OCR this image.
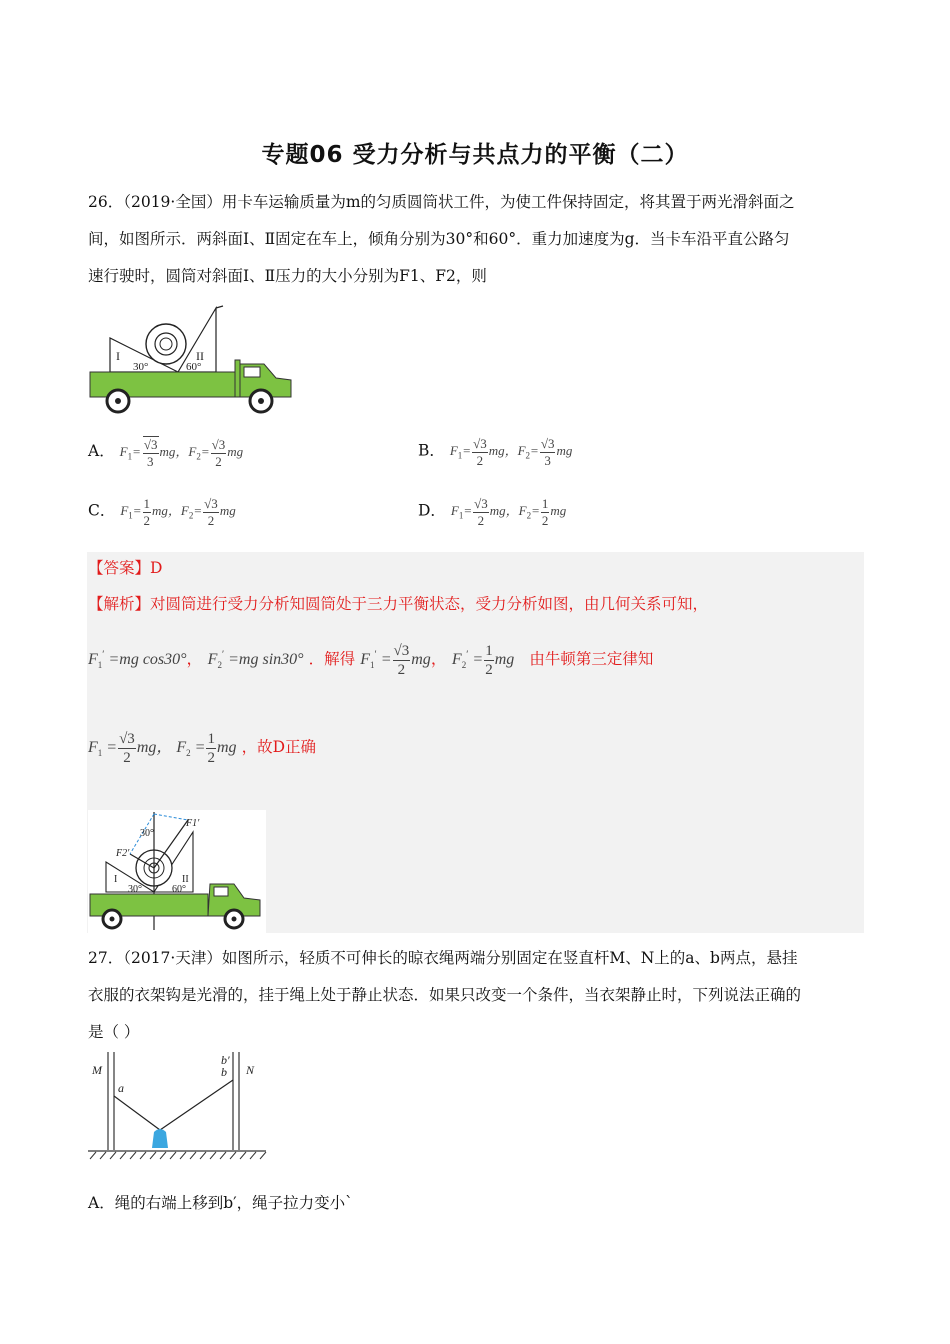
专题06 受力分析与共点力的平衡（二）
26．（2019·全国）用卡车运输质量为m的匀质圆筒状工件，为使工件保持固定，将其置于两光滑斜面之
间，如图所示．两斜面Ⅰ、Ⅱ固定在车上，倾角分别为30°和60°．重力加速度为g．当卡车沿平直公路匀
速行驶时，圆筒对斜面Ⅰ、Ⅱ压力的大小分别为F1、F2，则
I	II
30°	60°
A． $F_1= \frac{√3}{3}$ mg，$F_2= \frac{√3}{2}$ mg	B． $F_1= \frac{√3}{2}$ mg，$F_2= \frac{√3}{3}$ mg
C． $F_1= \frac{1}{2}$ mg，$F_2= \frac{√3}{2}$ mg	D． $F_1= \frac{√3}{2}$ mg，$F_2= \frac{1}{2}$ mg
【答案】D
【解析】对圆筒进行受力分析知圆筒处于三力平衡状态，受力分析如图，由几何关系可知，
$F_1' =mg$ cos30°， $F_2' =mg$ sin30° ．解得 $F_1' = \frac{√3}{2}$ mg， $F_2' = \frac{1}{2}$ mg 由牛顿第三定律知
$F_1 = \frac{√3}{2}$ mg， $F_2 = \frac{1}{2}$ mg ，故D正确
F1′
F2′
30°
30°	60°
I	II
27．（2017·天津）如图所示，轻质不可伸长的晾衣绳两端分别固定在竖直杆M、N上的a、b两点，悬挂
衣服的衣架钩是光滑的，挂于绳上处于静止状态．如果只改变一个条件，当衣架静止时，下列说法正确的
是（ ）
M	N
a
b
b′
A．绳的右端上移到b′，绳子拉力变小`
